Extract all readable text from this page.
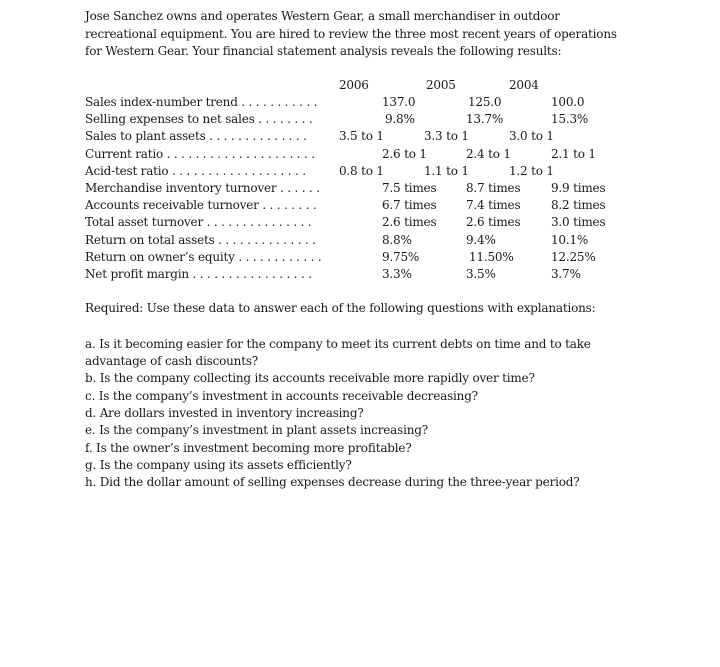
Jose Sanchez owns and operates Western Gear, a small merchandiser in outdoor
recreational equipment. You are hired to review the three most recent years of operations
for Western Gear. Your financial statement analysis reveals the following results:
2006	2005	2004
Sales index-number trend . . . . . . . . . . .	137.0	125.0	100.0
Selling expenses to net sales . . . . . . . .	9.8%	13.7%	15.3%
Sales to plant assets . . . . . . . . . . . . . .	3.5 to 1	3.3 to 1	3.0 to 1
Current ratio . . . . . . . . . . . . . . . . . . . . .	2.6 to 1	2.4 to 1	2.1 to 1
Acid-test ratio . . . . . . . . . . . . . . . . . . .	0.8 to 1	1.1 to 1	1.2 to 1
Merchandise inventory turnover . . . . . .	7.5 times 8.7 times	9.9 times
Accounts receivable turnover . . . . . . . .	6.7 times 7.4 times	8.2 times
Total asset turnover . . . . . . . . . . . . . . .	2.6 times 2.6 times	3.0 times
Return on total assets . . . . . . . . . . . . . .	8.8%	9.4%	10.1%
Return on owner’s equity . . . . . . . . . . . .	9.75%	11.50%	12.25%
Net profit margin . . . . . . . . . . . . . . . . .	3.3%	3.5%	3.7%
Required: Use these data to answer each of the following questions with explanations:
a. Is it becoming easier for the company to meet its current debts on time and to take
advantage of cash discounts?
b. Is the company collecting its accounts receivable more rapidly over time?
c. Is the company’s investment in accounts receivable decreasing?
d. Are dollars invested in inventory increasing?
e. Is the company’s investment in plant assets increasing?
f. Is the owner’s investment becoming more profitable?
g. Is the company using its assets efficiently?
h. Did the dollar amount of selling expenses decrease during the three-year period?
